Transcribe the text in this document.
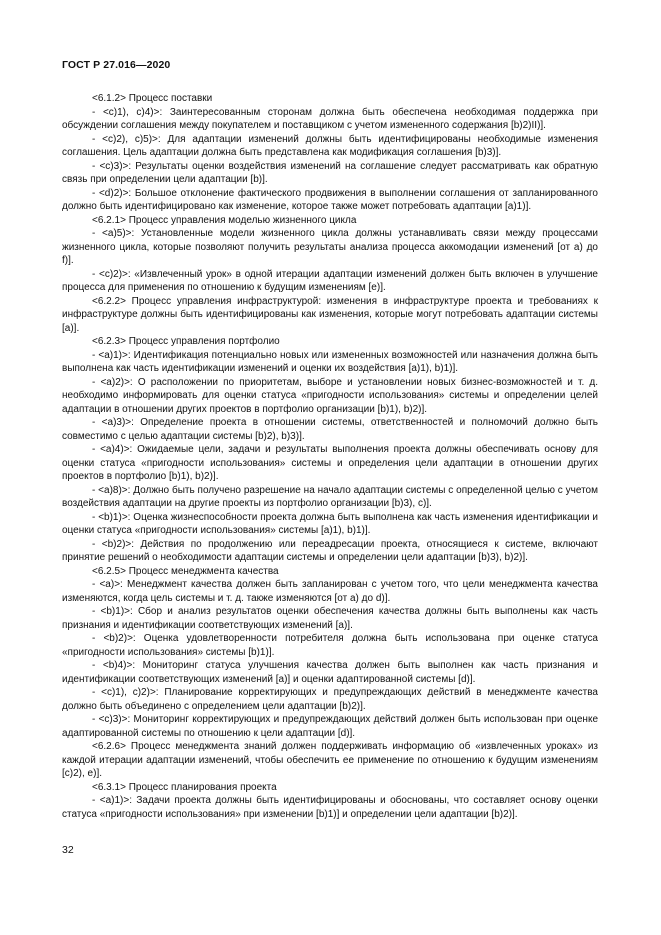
ГОСТ Р 27.016—2020

<6.1.2> Процесс поставки

- <c)1), c)4)>: Заинтересованным сторонам должна быть обеспечена необходимая поддержка при обсуждении соглашения между покупателем и поставщиком с учетом измененного содержания [b)2)II)].

- <c)2), c)5)>: Для адаптации изменений должны быть идентифицированы необходимые изменения соглашения. Цель адаптации должна быть представлена как модификация соглашения [b)3)].

- <c)3)>: Результаты оценки воздействия изменений на соглашение следует рассматривать как обратную связь при определении цели адаптации [b)].

- <d)2)>: Большое отклонение фактического продвижения в выполнении соглашения от запланированного должно быть идентифицировано как изменение, которое также может потребовать адаптации [a)1)].

<6.2.1> Процесс управления моделью жизненного цикла

- <a)5)>: Установленные модели жизненного цикла должны устанавливать связи между процессами жизненного цикла, которые позволяют получить результаты анализа процесса аккомодации изменений [от a) до f)].

- <c)2)>: «Извлеченный урок» в одной итерации адаптации изменений должен быть включен в улучшение процесса для применения по отношению к будущим изменениям [e)].

<6.2.2> Процесс управления инфраструктурой: изменения в инфраструктуре проекта и требованиях к инфраструктуре должны быть идентифицированы как изменения, которые могут потребовать адаптации системы [a)].

<6.2.3> Процесс управления портфолио

- <a)1)>: Идентификация потенциально новых или измененных возможностей или назначения должна быть выполнена как часть идентификации изменений и оценки их воздействия [a)1), b)1)].

- <a)2)>: О расположении по приоритетам, выборе и установлении новых бизнес-возможностей и т. д. необходимо информировать для оценки статуса «пригодности использования» системы и определении целей адаптации в отношении других проектов в портфолио организации [b)1), b)2)].

- <a)3)>: Определение проекта в отношении системы, ответственностей и полномочий должно быть совместимо с целью адаптации системы [b)2), b)3)].

- <a)4)>: Ожидаемые цели, задачи и результаты выполнения проекта должны обеспечивать основу для оценки статуса «пригодности использования» системы и определения цели адаптации в отношении других проектов в портфолио [b)1), b)2)].

- <a)8)>: Должно быть получено разрешение на начало адаптации системы с определенной целью с учетом воздействия адаптации на другие проекты из портфолио организации [b)3), c)].

- <b)1)>: Оценка жизнеспособности проекта должна быть выполнена как часть изменения идентификации и оценки статуса «пригодности использования» системы [a)1), b)1)].

- <b)2)>: Действия по продолжению или переадресации проекта, относящиеся к системе, включают принятие решений о необходимости адаптации системы и определении цели адаптации [b)3), b)2)].

<6.2.5> Процесс менеджмента качества

- <a)>: Менеджмент качества должен быть запланирован с учетом того, что цели менеджмента качества изменяются, когда цель системы и т. д. также изменяются [от a) до d)].

- <b)1)>: Сбор и анализ результатов оценки обеспечения качества должны быть выполнены как часть признания и идентификации соответствующих изменений [a)].

- <b)2)>: Оценка удовлетворенности потребителя должна быть использована при оценке статуса «пригодности использования» системы [b)1)].

- <b)4)>: Мониторинг статуса улучшения качества должен быть выполнен как часть признания и идентификации соответствующих изменений [a)] и оценки адаптированной системы [d)].

- <c)1), c)2)>: Планирование корректирующих и предупреждающих действий в менеджменте качества должно быть объединено с определением цели адаптации [b)2)].

- <c)3)>: Мониторинг корректирующих и предупреждающих действий должен быть использован при оценке адаптированной системы по отношению к цели адаптации [d)].

<6.2.6> Процесс менеджмента знаний должен поддерживать информацию об «извлеченных уроках» из каждой итерации адаптации изменений, чтобы обеспечить ее применение по отношению к будущим изменениям [c)2), e)].

<6.3.1> Процесс планирования проекта

- <a)1)>: Задачи проекта должны быть идентифицированы и обоснованы, что составляет основу оценки статуса «пригодности использования» при изменении [b)1)] и определении цели адаптации [b)2)].

32
